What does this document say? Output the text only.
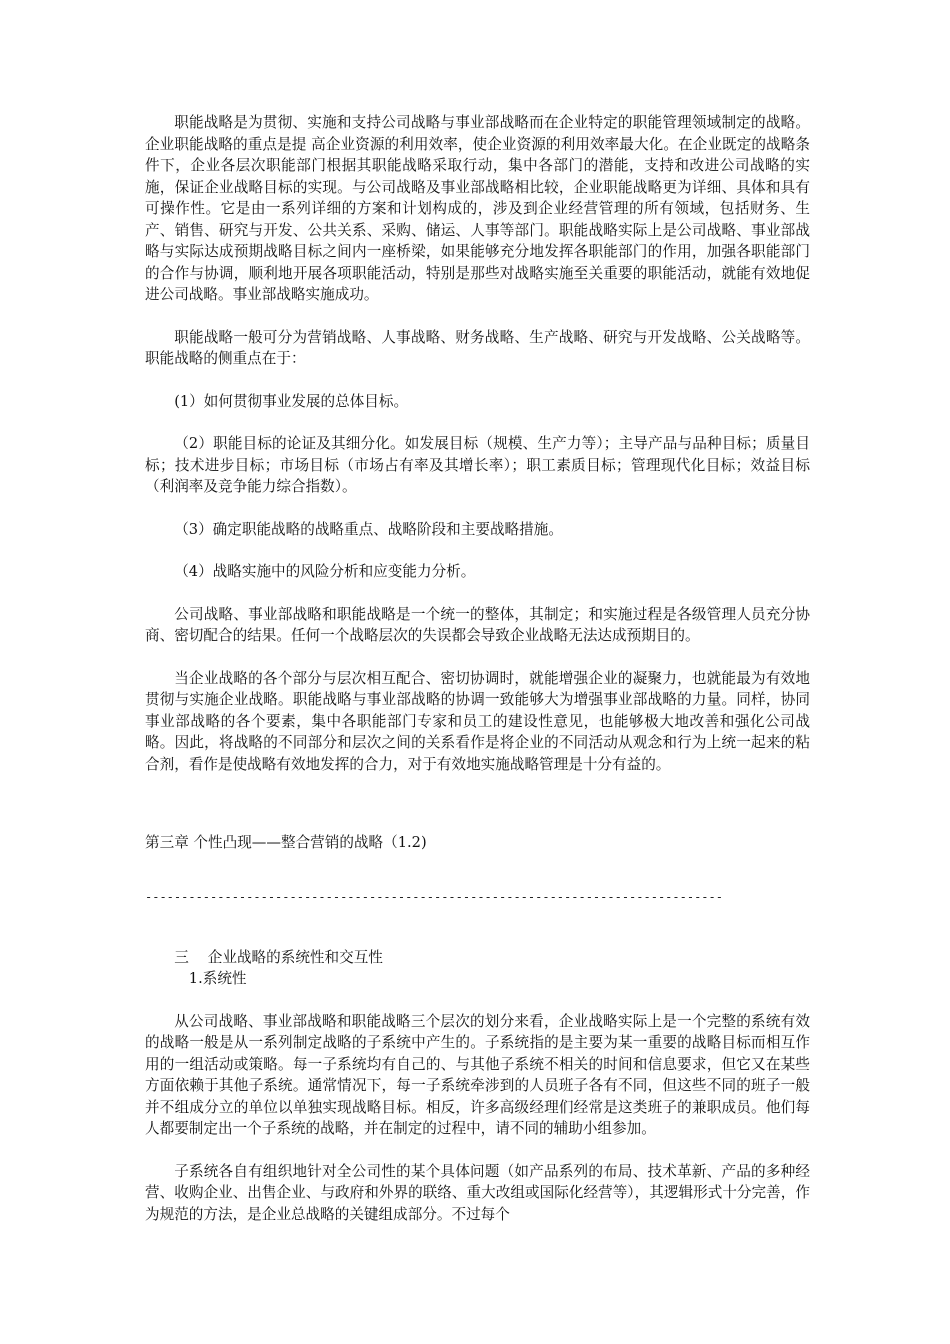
职能战略是为贯彻、实施和支持公司战略与事业部战略而在企业特定的职能管理领域制定的战略。企业职能战略的重点是提 高企业资源的利用效率，使企业资源的利用效率最大化。在企业既定的战略条件下，企业各层次职能部门根据其职能战略采取行动，集中各部门的潜能，支持和改进公司战略的实施，保证企业战略目标的实现。与公司战略及事业部战略相比较，企业职能战略更为详细、具体和具有可操作性。它是由一系列详细的方案和计划构成的，涉及到企业经营管理的所有领域，包括财务、生产、销售、研究与开发、公共关系、采购、储运、人事等部门。职能战略实际上是公司战略、事业部战略与实际达成预期战略目标之间内一座桥梁，如果能够充分地发挥各职能部门的作用，加强各职能部门的合作与协调，顺利地开展各项职能活动，特别是那些对战略实施至关重要的职能活动，就能有效地促进公司战略。事业部战略实施成功。

职能战略一般可分为营销战略、人事战略、财务战略、生产战略、研究与开发战略、公关战略等。职能战略的侧重点在于：

(1）如何贯彻事业发展的总体目标。

（2）职能目标的论证及其细分化。如发展目标（规模、生产力等）；主导产品与品种目标；质量目标；技术进步目标；市场目标（市场占有率及其增长率）；职工素质目标；管理现代化目标；效益目标（利润率及竞争能力综合指数）。

（3）确定职能战略的战略重点、战略阶段和主要战略措施。

（4）战略实施中的风险分析和应变能力分析。

公司战略、事业部战略和职能战略是一个统一的整体，其制定；和实施过程是各级管理人员充分协商、密切配合的结果。任何一个战略层次的失误都会导致企业战略无法达成预期目的。

当企业战略的各个部分与层次相互配合、密切协调时，就能增强企业的凝聚力，也就能最为有效地贯彻与实施企业战略。职能战略与事业部战略的协调一致能够大为增强事业部战略的力量。同样，协同事业部战略的各个要素，集中各职能部门专家和员工的建设性意见，也能够极大地改善和强化公司战略。因此，将战略的不同部分和层次之间的关系看作是将企业的不同活动从观念和行为上统一起来的粘合剂，看作是使战略有效地发挥的合力，对于有效地实施战略管理是十分有益的。

第三章 个性凸现——整合营销的战略（1.2)
--------------------------------------------------------------------------------
三 企业战略的系统性和交互性
1.系统性

从公司战略、事业部战略和职能战略三个层次的划分来看，企业战略实际上是一个完整的系统有效的战略一般是从一系列制定战略的子系统中产生的。子系统指的是主要为某一重要的战略目标而相互作用的一组活动或策略。每一子系统均有自己的、与其他子系统不相关的时间和信息要求，但它又在某些方面依赖于其他子系统。通常情况下，每一子系统牵涉到的人员班子各有不同，但这些不同的班子一般并不组成分立的单位以单独实现战略目标。相反，许多高级经理们经常是这类班子的兼职成员。他们每人都要制定出一个子系统的战略，并在制定的过程中，请不同的辅助小组参加。

子系统各自有组织地针对全公司性的某个具体问题（如产品系列的布局、技术革新、产品的多种经营、收购企业、出售企业、与政府和外界的联络、重大改组或国际化经营等），其逻辑形式十分完善，作为规范的方法，是企业总战略的关键组成部分。不过每个
